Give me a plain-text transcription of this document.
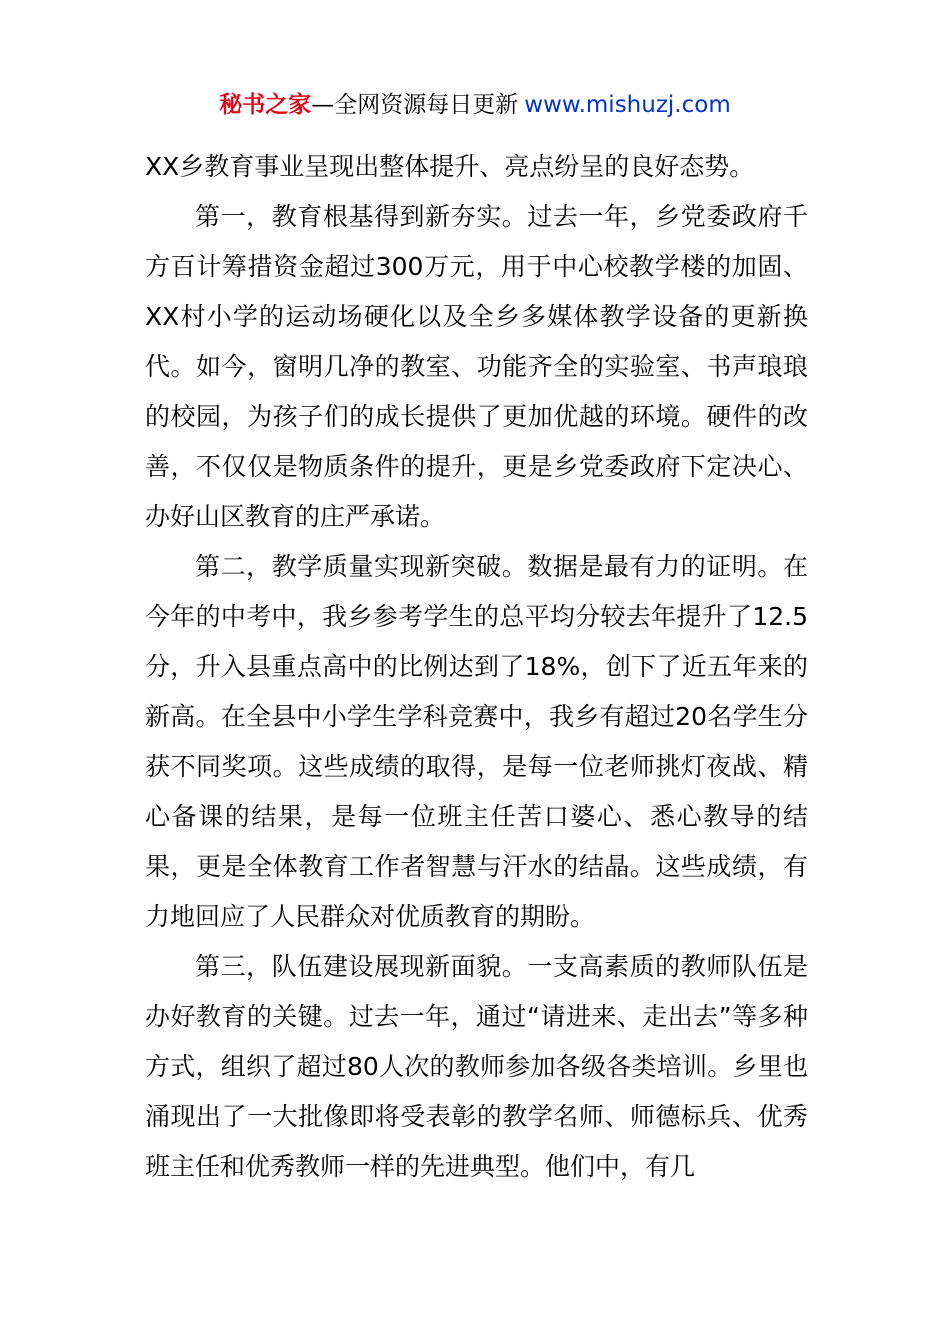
秘书之家—全网资源每日更新 www.mishuzj.com

XX乡教育事业呈现出整体提升、亮点纷呈的良好态势。

第一，教育根基得到新夯实。过去一年，乡党委政府千方百计筹措资金超过300万元，用于中心校教学楼的加固、XX村小学的运动场硬化以及全乡多媒体教学设备的更新换代。如今，窗明几净的教室、功能齐全的实验室、书声琅琅的校园，为孩子们的成长提供了更加优越的环境。硬件的改善，不仅仅是物质条件的提升，更是乡党委政府下定决心、办好山区教育的庄严承诺。

第二，教学质量实现新突破。数据是最有力的证明。在今年的中考中，我乡参考学生的总平均分较去年提升了12.5分，升入县重点高中的比例达到了18%，创下了近五年来的新高。在全县中小学生学科竞赛中，我乡有超过20名学生分获不同奖项。这些成绩的取得，是每一位老师挑灯夜战、精心备课的结果，是每一位班主任苦口婆心、悉心教导的结果，更是全体教育工作者智慧与汗水的结晶。这些成绩，有力地回应了人民群众对优质教育的期盼。

第三，队伍建设展现新面貌。一支高素质的教师队伍是办好教育的关键。过去一年，通过“请进来、走出去”等多种方式，组织了超过80人次的教师参加各级各类培训。乡里也涌现出了一大批像即将受表彰的教学名师、师德标兵、优秀班主任和优秀教师一样的先进典型。他们中，有几
